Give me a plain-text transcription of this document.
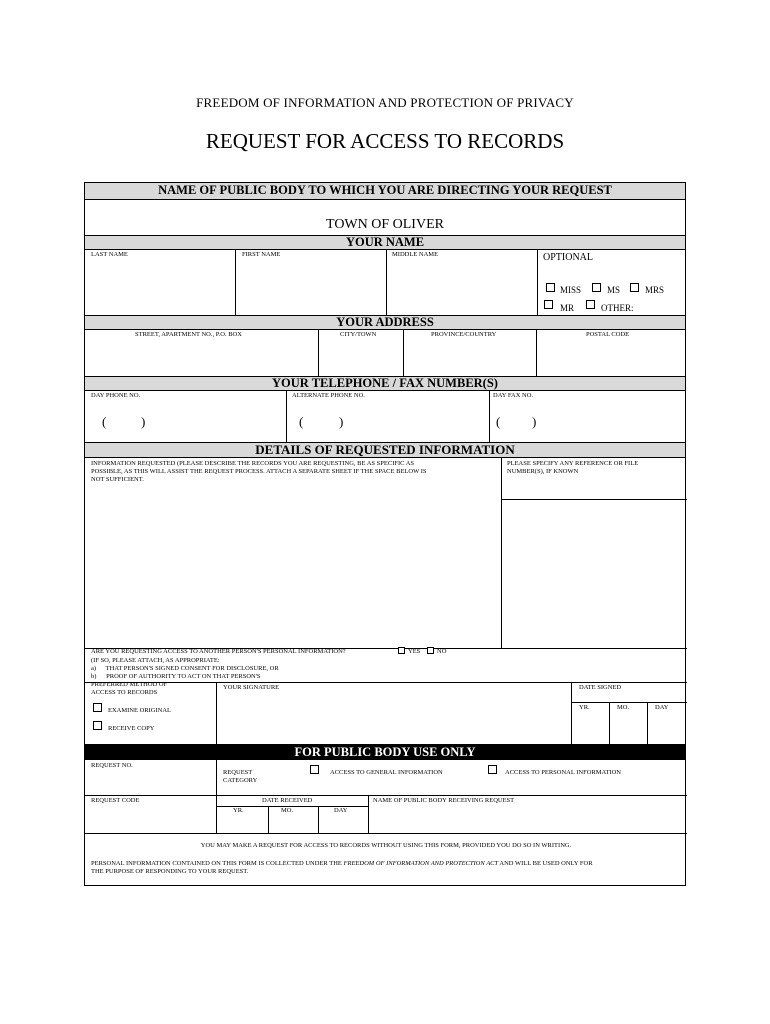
FREEDOM OF INFORMATION AND PROTECTION OF PRIVACY
REQUEST FOR ACCESS TO RECORDS
NAME OF PUBLIC BODY TO WHICH YOU ARE DIRECTING YOUR REQUEST
TOWN OF OLIVER
YOUR NAME
LAST NAME	FIRST NAME	MIDDLE NAME	OPTIONAL
MISS	MS	MRS
MR	OTHER:
YOUR ADDRESS
STREET, APARTMENT NO., P.O. BOX	CITY/TOWN	PROVINCE/COUNTRY	POSTAL CODE
YOUR TELEPHONE / FAX NUMBER(S)
DAY PHONE NO.	ALTERNATE PHONE NO.	DAY FAX NO.
(	)	(	)	( )
DETAILS OF REQUESTED INFORMATION
INFORMATION REQUESTED (PLEASE DESCRIBE THE RECORDS YOU ARE REQUESTING, BE AS SPECIFIC AS
POSSIBLE, AS THIS WILL ASSIST THE REQUEST PROCESS. ATTACH A SEPARATE SHEET IF THE SPACE BELOW IS
NOT SUFFICIENT.
PLEASE SPECIFY ANY REFERENCE OR FILE
NUMBER(S), IF KNOWN
ARE YOU REQUESTING ACCESS TO ANOTHER PERSON'S PERSONAL INFORMATION?	YES	NO
(IF SO, PLEASE ATTACH, AS APPROPRIATE:
a)      THAT PERSON'S SIGNED CONSENT FOR DISCLOSURE, OR
b)      PROOF OF AUTHORITY TO ACT ON THAT PERSON'S
PREFERRED METHOD OF
ACCESS TO RECORDS
EXAMINE ORIGINAL
RECEIVE COPY
YOUR SIGNATURE	DATE SIGNED
YR.	MO.	DAY
FOR PUBLIC BODY USE ONLY
REQUEST NO.
REQUEST
CATEGORY
ACCESS TO GENERAL INFORMATION	ACCESS TO PERSONAL INFORMATION
REQUEST CODE	DATE RECEIVED
YR.	MO.	DAY
NAME OF PUBLIC BODY RECEIVING REQUEST
YOU MAY MAKE A REQUEST FOR ACCESS TO RECORDS WITHOUT USING THIS FORM, PROVIDED YOU DO SO IN WRITING.
PERSONAL INFORMATION CONTAINED ON THIS FORM IS COLLECTED UNDER THE FREEDOM OF INFORMATION AND PROTECTION ACT AND WILL BE USED ONLY FOR
THE PURPOSE OF RESPONDING TO YOUR REQUEST.
